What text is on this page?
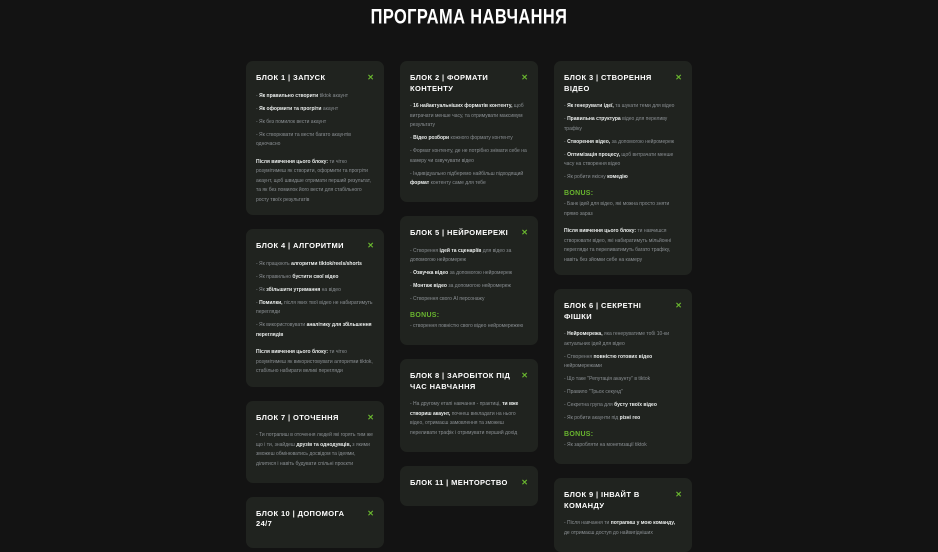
ПРОГРАМА НАВЧАННЯ
БЛОК 1 | ЗАПУСК	✕

- Як правильно створити tiktok акаунт

- Як оформити та прогріти акаунт

- Як без помилок вести акаунт

- Як створювати та вести багато акаунтів одночасно

Після вивчення цього блоку: ти чітко розумітимеш як створити, оформити та прогріти акаунт, щоб швидше отримати перший результат, та як без помилок його вести для стабільного росту твоїх результатів

БЛОК 4 | АЛГОРИТМИ	✕

- Як працюють алгоритми tiktok/reels/shorts

- Як правильно бустити свої відео

- Як збільшити утримання на відео

- Помилки, після яких твої відео не набиратимуть перегляди

- Як використовувати аналітику для збільшення переглядів

Після вивчення цього блоку: ти чітко розумітимеш як використовувати алгоритми tiktok, стабільно набирати великі перегляди

БЛОК 7 | ОТОЧЕННЯ	✕

- Ти потрапиш в оточення людей які горять тим же що і ти, знайдеш друзів та однодумців, з якими зможеш обмінюватись досвідом та ідеями, ділитися і навіть будувати спільні проєкти

БЛОК 10 | ДОПОМОГА 24/7
✕
БЛОК 2 | ФОРМАТИ КОНТЕНТУ
✕

- 16 найактуальніших форматів контенту, щоб витрачати менше часу, та отримувати максимум результату

- Відео розбори кожного формату контенту

- Формат контенту, де не потрібно знімати себе на камеру чи озвучувати відео

- Індивідуально підберемо найбільш підходящий формат контенту саме для тебе

БЛОК 5 | НЕЙРОМЕРЕЖІ ✕

- Створення ідей та сценаріїв для відео за допомогою нейромереж

- Озвучка відео за допомогою нейромереж

- Монтаж відео за допомогою нейромереж

- Створення свого AI персонажу

BONUS:

- створення повністю свого відео нейромережею

БЛОК 8 | ЗАРОБІТОК ПІД ЧАС НАВЧАННЯ
✕

- На другому етапі навчання - практиці, ти вже створиш акаунт, почнеш викладати на нього відео, отримаєш замовлення та зможеш переливати трафік і отримувати перший дохід

БЛОК 11 | МЕНТОРСТВО ✕
БЛОК 3 | СТВОРЕННЯ ВІДЕО
✕

- Як генерувати ідеї, та шукати теми для відео

- Правильна структура відео для переливу трафіку

- Створення відео, за допомогою нейромереж

- Оптимізація процесу, щоб витрачати менше часу на створення відео

- Як робити якісну комедію

BONUS:

- Банк ідей для відео, які можна просто зняти прямо зараз

Після вивчення цього блоку: ти навчишся створювати відео, які набиратимуть мільйонні перегляди та переливатимуть багато трафіку, навіть без зйомки себе на камеру

БЛОК 6 | СЕКРЕТНІ ФІШКИ
✕

- Нейромережа, яка генеруватиме тобі 10-ки актуальних ідей для відео

- Створення повністю готових відео нейромережами

- Що таке "Репутація акаунту" в tiktok

- Правило "Трьох секунд"

- Секретна група для бусту твоїх відео

- Як робити акаунти під різні гео

BONUS:

- Як заробляти на монетизації tiktok

БЛОК 9 | ІНВАЙТ В КОМАНДУ
✕

- Після навчання ти потрапиш у мою команду, де отримаєш доступ до найвигідніших
